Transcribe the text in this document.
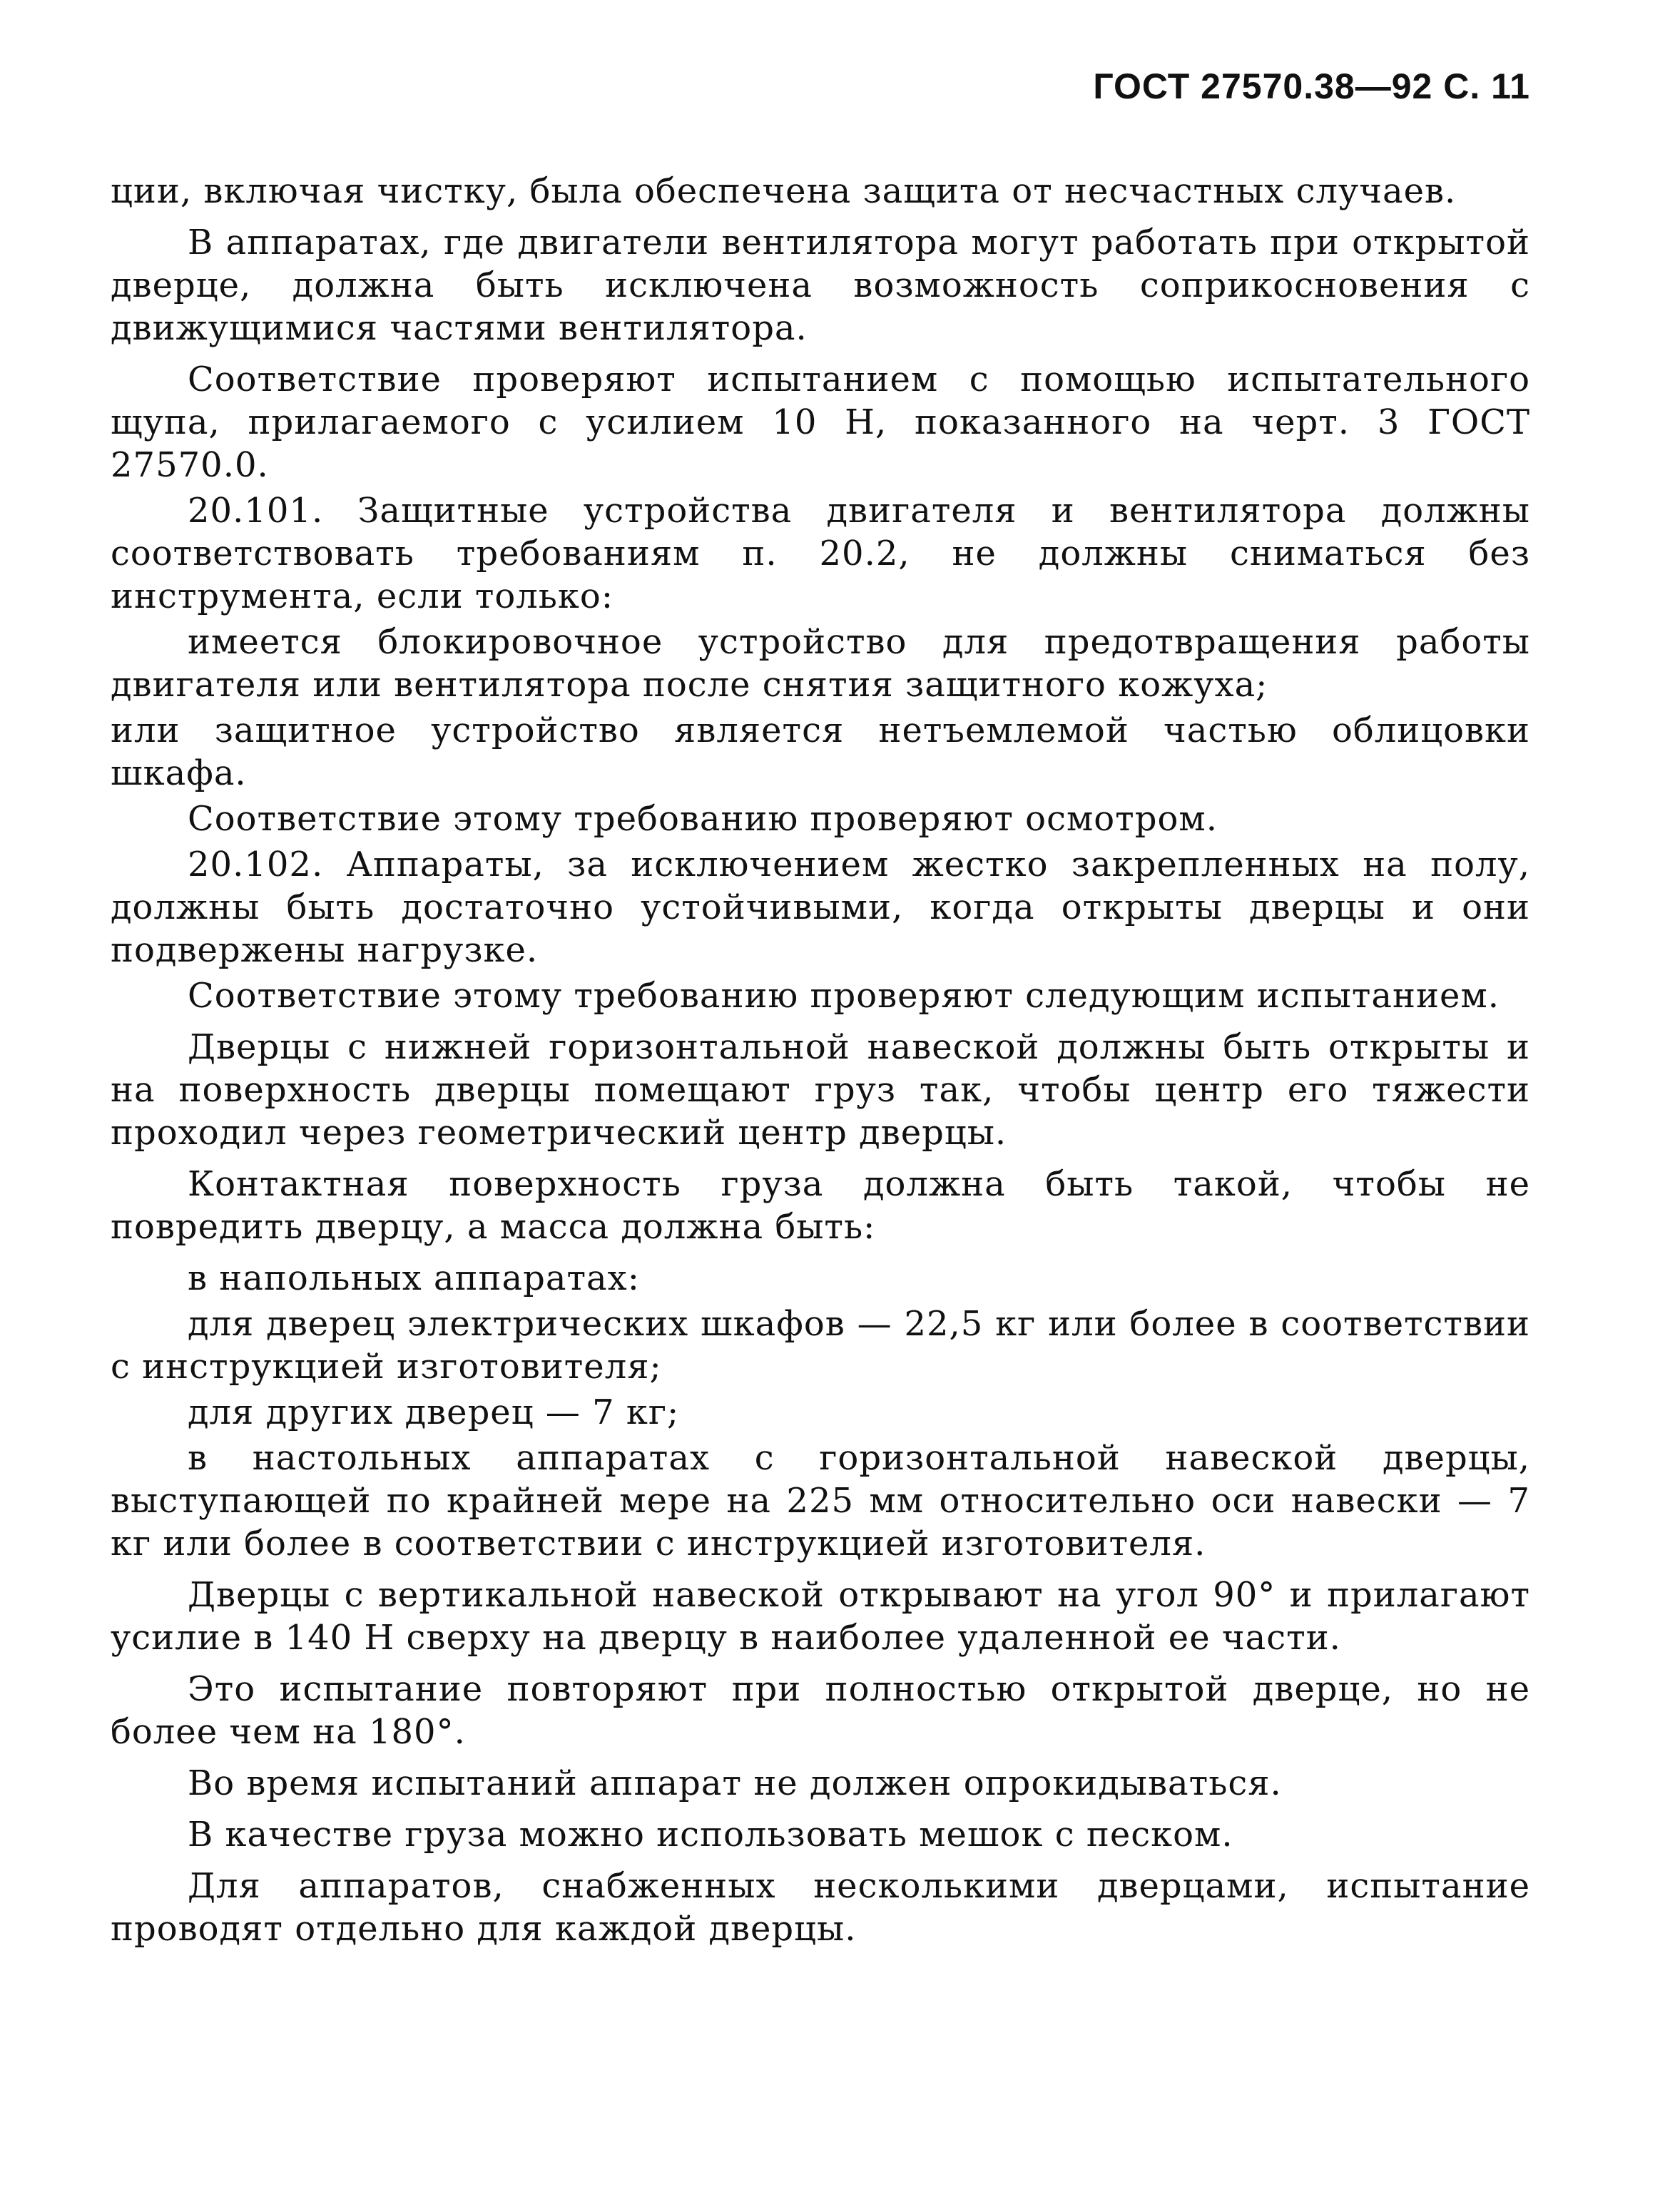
ГОСТ 27570.38—92 С. 11

ции, включая чистку, была обеспечена защита от несчастных случаев.

В аппаратах, где двигатели вентилятора могут работать при открытой дверце, должна быть исключена возможность соприкосновения с движущимися частями вентилятора.

Соответствие проверяют испытанием с помощью испытательного щупа, прилагаемого с усилием 10 Н, показанного на черт. 3 ГОСТ 27570.0.

20.101. Защитные устройства двигателя и вентилятора должны соответствовать требованиям п. 20.2, не должны сниматься без инструмента, если только:

имеется блокировочное устройство для предотвращения работы двигателя или вентилятора после снятия защитного кожуха;

или защитное устройство является нетъемлемой частью облицовки шкафа.

Соответствие этому требованию проверяют осмотром.

20.102. Аппараты, за исключением жестко закрепленных на полу, должны быть достаточно устойчивыми, когда открыты дверцы и они подвержены нагрузке.

Соответствие этому требованию проверяют следующим испытанием.

Дверцы с нижней горизонтальной навеской должны быть открыты и на поверхность дверцы помещают груз так, чтобы центр его тяжести проходил через геометрический центр дверцы.

Контактная поверхность груза должна быть такой, чтобы не повредить дверцу, а масса должна быть:

в напольных аппаратах:

для дверец электрических шкафов — 22,5 кг или более в соответствии с инструкцией изготовителя;

для других дверец — 7 кг;

в настольных аппаратах с горизонтальной навеской дверцы, выступающей по крайней мере на 225 мм относительно оси навески — 7 кг или более в соответствии с инструкцией изготовителя.

Дверцы с вертикальной навеской открывают на угол 90° и прилагают усилие в 140 Н сверху на дверцу в наиболее удаленной ее части.

Это испытание повторяют при полностью открытой дверце, но не более чем на 180°.

Во время испытаний аппарат не должен опрокидываться.

В качестве груза можно использовать мешок с песком.

Для аппаратов, снабженных несколькими дверцами, испытание проводят отдельно для каждой дверцы.
